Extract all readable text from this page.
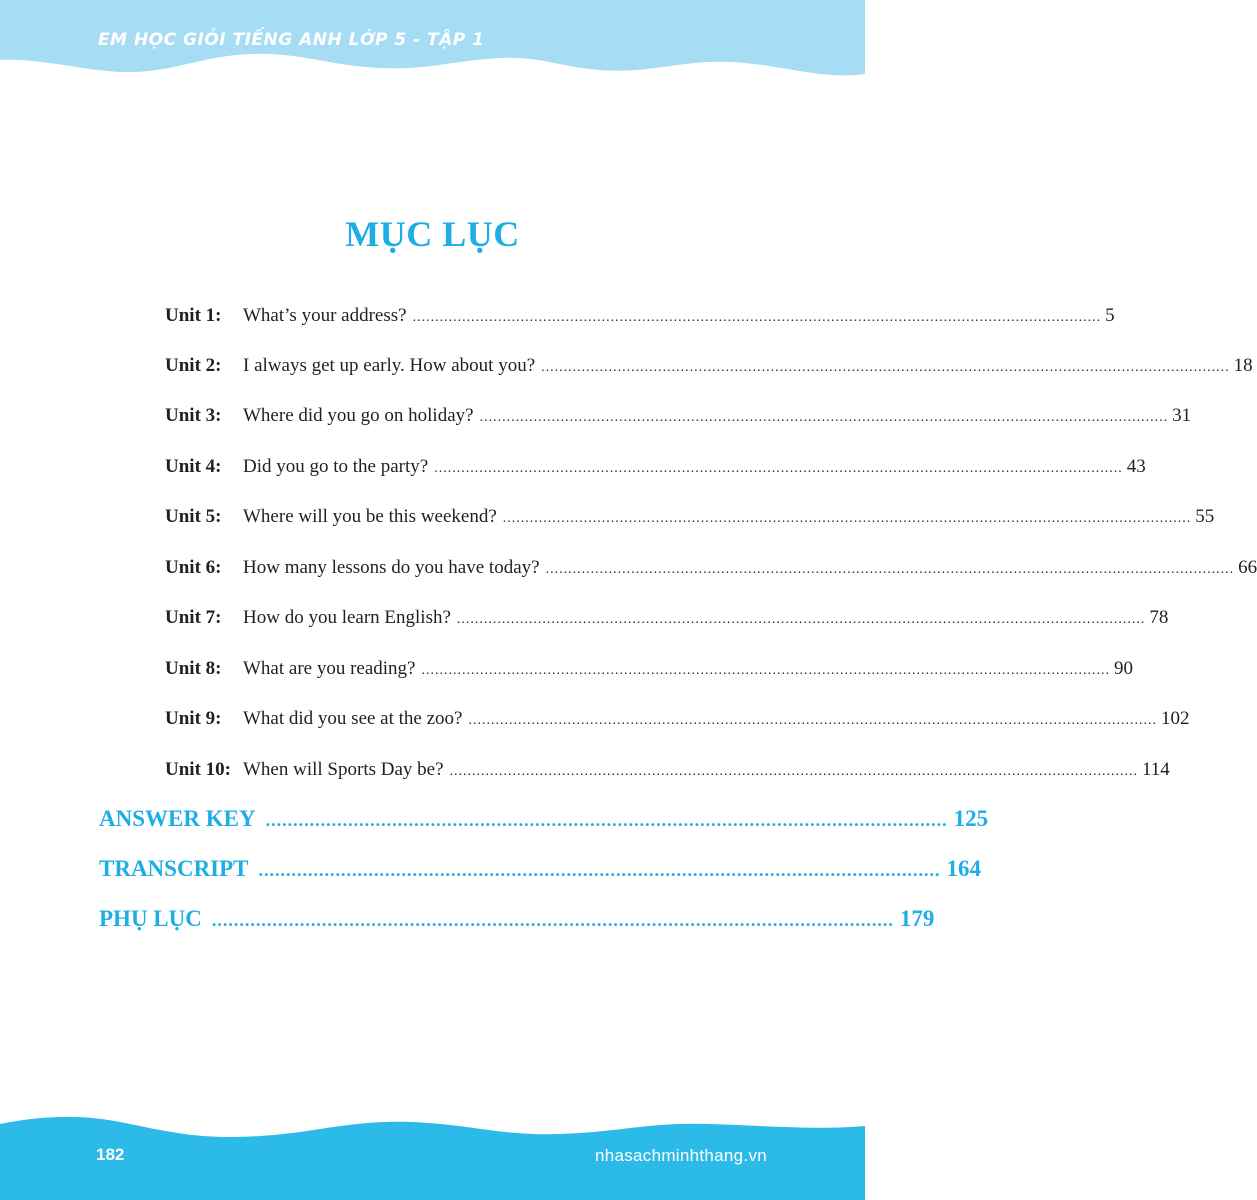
EM HỌC GIỎI TIẾNG ANH LỚP 5 - TẬP 1
MỤC LỤC
Unit 1:	What’s your address? ......................................................................................................................................................... 5
Unit 2:	I always get up early. How about you? ......................................................................................................................................................... 18
Unit 3:	Where did you go on holiday? ......................................................................................................................................................... 31
Unit 4:	Did you go to the party? ......................................................................................................................................................... 43
Unit 5:	Where will you be this weekend? ......................................................................................................................................................... 55
Unit 6:	How many lessons do you have today? ......................................................................................................................................................... 66
Unit 7:	How do you learn English? ......................................................................................................................................................... 78
Unit 8:	What are you reading? ......................................................................................................................................................... 90
Unit 9:	What did you see at the zoo? ......................................................................................................................................................... 102
Unit 10: When will Sports Day be? ......................................................................................................................................................... 114
ANSWER KEY ............................................................................................................................ 125
TRANSCRIPT ............................................................................................................................ 164
PHỤ LỤC ............................................................................................................................ 179
182	nhasachminhthang.vn
